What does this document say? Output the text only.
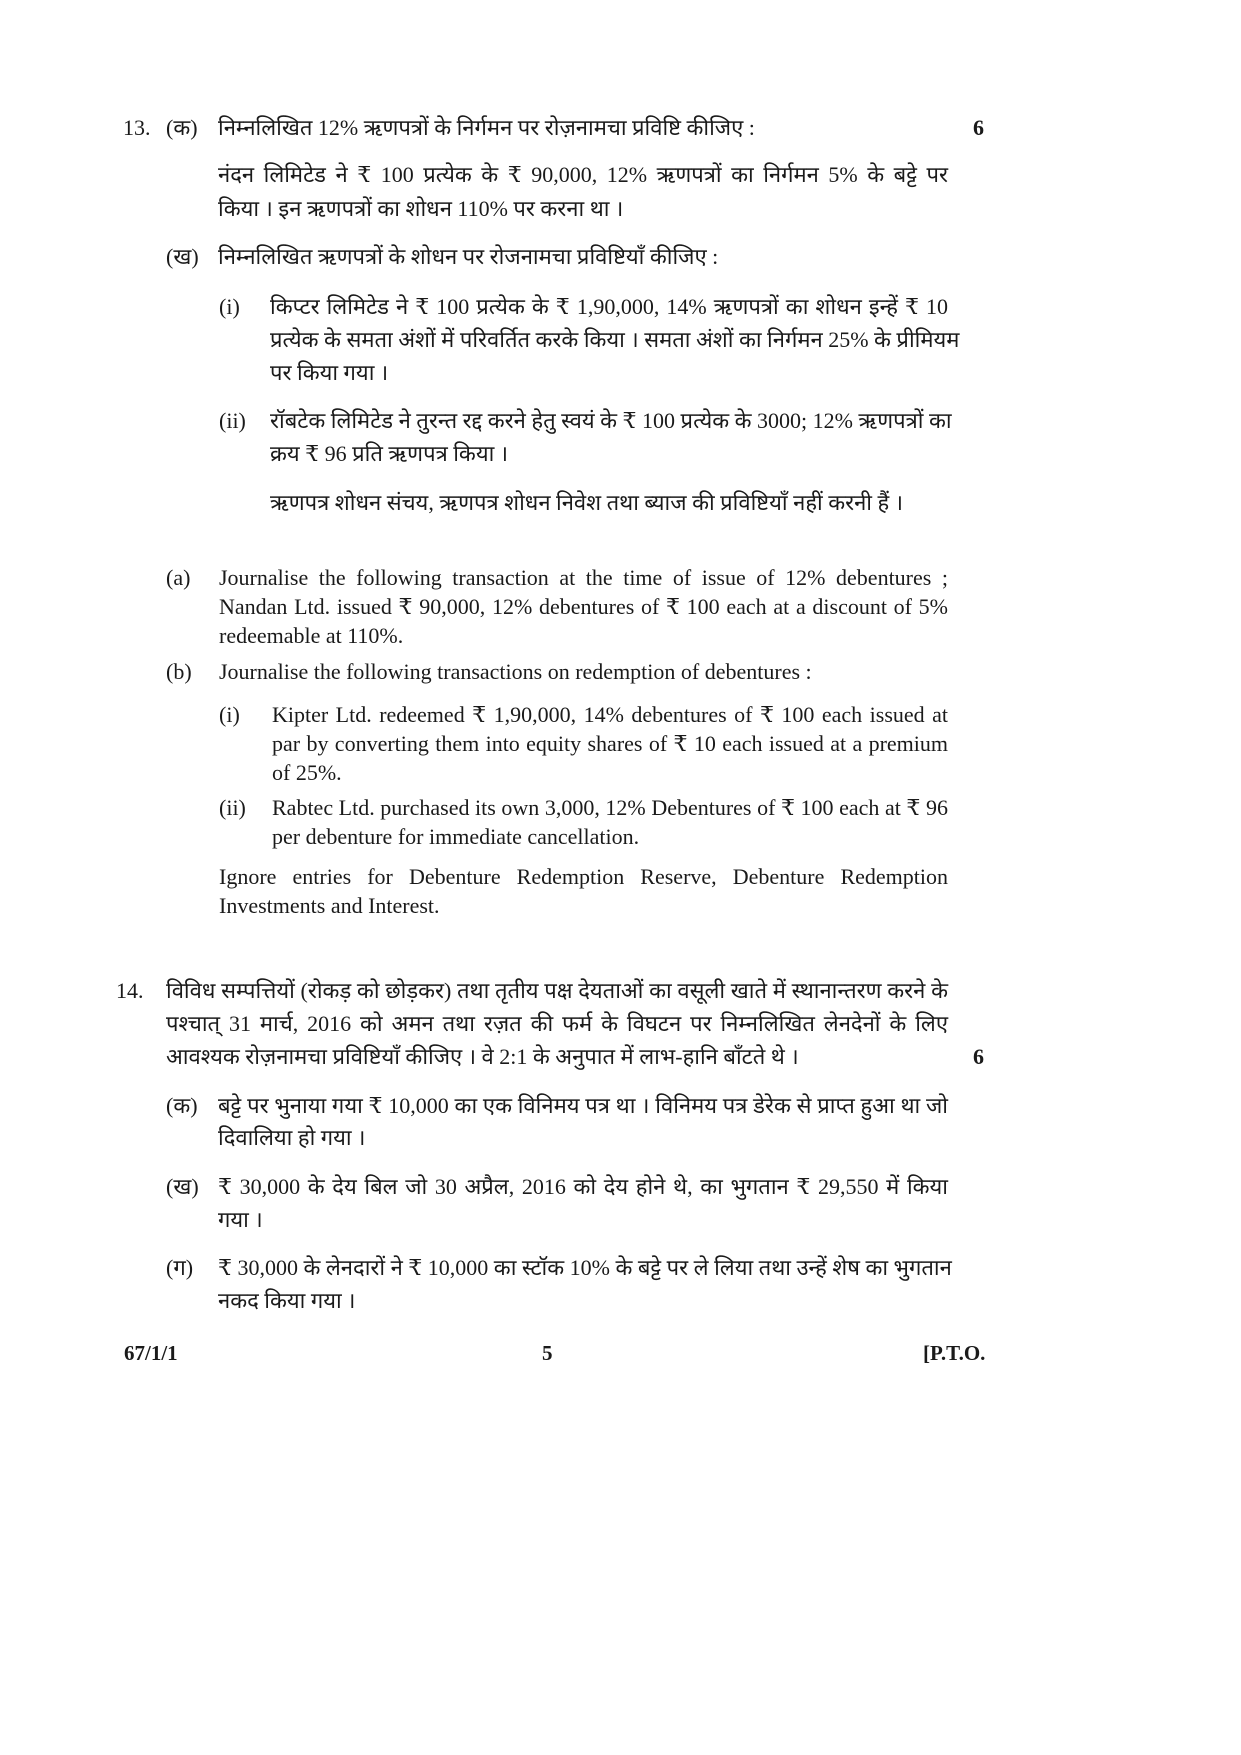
13. (क) निम्नलिखित 12% ऋणपत्रों के निर्गमन पर रोज़नामचा प्रविष्टि कीजिए :	6
नंदन लिमिटेड ने ₹ 100 प्रत्येक के ₹ 90,000, 12% ऋणपत्रों का निर्गमन 5% के बट्टे पर
किया । इन ऋणपत्रों का शोधन 110% पर करना था ।
(ख) निम्नलिखित ऋणपत्रों के शोधन पर रोजनामचा प्रविष्टियाँ कीजिए :
(i) किप्टर लिमिटेड ने ₹ 100 प्रत्येक के ₹ 1,90,000, 14% ऋणपत्रों का शोधन इन्हें ₹ 10
प्रत्येक के समता अंशों में परिवर्तित करके किया । समता अंशों का निर्गमन 25% के प्रीमियम
पर किया गया ।
(ii) रॉबटेक लिमिटेड ने तुरन्त रद्द करने हेतु स्वयं के ₹ 100 प्रत्येक के 3000; 12% ऋणपत्रों का
क्रय ₹ 96 प्रति ऋणपत्र किया ।
ऋणपत्र शोधन संचय, ऋणपत्र शोधन निवेश तथा ब्याज की प्रविष्टियाँ नहीं करनी हैं ।
(a) Journalise the following transaction at the time of issue of 12% debentures ; Nandan Ltd. issued ₹ 90,000, 12% debentures of ₹ 100 each at a discount of 5% redeemable at 110%.
(b) Journalise the following transactions on redemption of debentures :
(i) Kipter Ltd. redeemed ₹ 1,90,000, 14% debentures of ₹ 100 each issued at par by converting them into equity shares of ₹ 10 each issued at a premium of 25%.
(ii) Rabtec Ltd. purchased its own 3,000, 12% Debentures of ₹ 100 each at ₹ 96 per debenture for immediate cancellation.
Ignore entries for Debenture Redemption Reserve, Debenture Redemption Investments and Interest.
14. विविध सम्पत्तियों (रोकड़ को छोड़कर) तथा तृतीय पक्ष देयताओं का वसूली खाते में स्थानान्तरण करने के
पश्चात् 31 मार्च, 2016 को अमन तथा रज़त की फर्म के विघटन पर निम्नलिखित लेनदेनों के लिए
आवश्यक रोज़नामचा प्रविष्टियाँ कीजिए । वे 2:1 के अनुपात में लाभ-हानि बाँटते थे ।	6
(क) बट्टे पर भुनाया गया ₹ 10,000 का एक विनिमय पत्र था । विनिमय पत्र डेरेक से प्राप्त हुआ था जो
दिवालिया हो गया ।
(ख) ₹ 30,000 के देय बिल जो 30 अप्रैल, 2016 को देय होने थे, का भुगतान ₹ 29,550 में किया
गया ।
(ग) ₹ 30,000 के लेनदारों ने ₹ 10,000 का स्टॉक 10% के बट्टे पर ले लिया तथा उन्हें शेष का भुगतान
नकद किया गया ।
67/1/1	5	[P.T.O.
